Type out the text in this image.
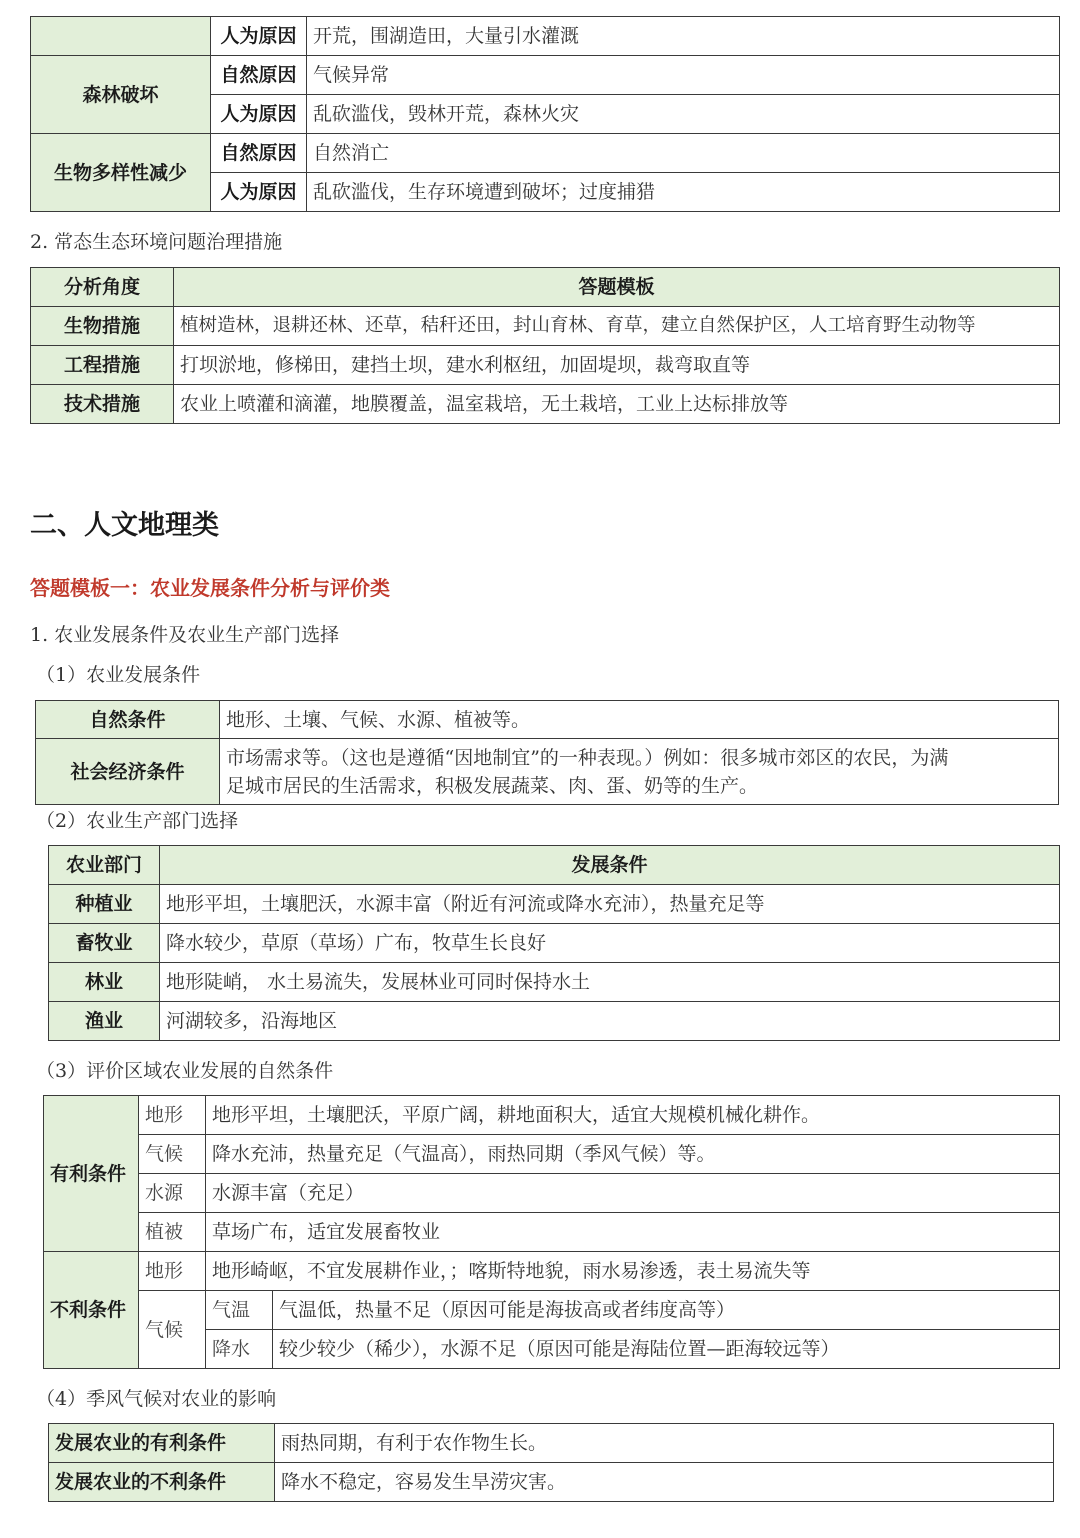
	人为原因	开荒，围湖造田，大量引水灌溉
森林破坏	自然原因	气候异常
	人为原因	乱砍滥伐，毁林开荒，森林火灾
生物多样性减少	自然原因	自然消亡
	人为原因	乱砍滥伐，生存环境遭到破坏；过度捕猎
2. 常态生态环境问题治理措施
分析角度	答题模板
生物措施	植树造林，退耕还林、还草，秸秆还田，封山育林、育草，建立自然保护区，人工培育野生动物等
工程措施	打坝淤地，修梯田，建挡土坝，建水利枢纽，加固堤坝，裁弯取直等
技术措施	农业上喷灌和滴灌，地膜覆盖，温室栽培，无土栽培，工业上达标排放等
二、人文地理类
答题模板一：农业发展条件分析与评价类
1. 农业发展条件及农业生产部门选择
（1）农业发展条件
自然条件	地形、土壤、气候、水源、植被等。
社会经济条件	市场需求等。（这也是遵循“因地制宜”的一种表现。）例如：很多城市郊区的农民，为满
足城市居民的生活需求，积极发展蔬菜、肉、蛋、奶等的生产。
（2）农业生产部门选择
农业部门	发展条件
种植业	地形平坦，土壤肥沃，水源丰富（附近有河流或降水充沛），热量充足等
畜牧业	降水较少，草原（草场）广布，牧草生长良好
林业	地形陡峭， 水土易流失，发展林业可同时保持水土
渔业	河湖较多，沿海地区
（3）评价区域农业发展的自然条件
有利条件	地形	地形平坦，土壤肥沃，平原广阔，耕地面积大，适宜大规模机械化耕作。	
	气候	降水充沛，热量充足（气温高），雨热同期（季风气候）等。	
	水源	水源丰富（充足）	
	植被	草场广布，适宜发展畜牧业	
不利条件	地形	地形崎岖，不宜发展耕作业，；喀斯特地貌，雨水易渗透，表土易流失等	
	气候	气温	气温低，热量不足（原因可能是海拔高或者纬度高等）
		降水	较少较少（稀少），水源不足（原因可能是海陆位置—距海较远等）
（4）季风气候对农业的影响
发展农业的有利条件	雨热同期，有利于农作物生长。
发展农业的不利条件	降水不稳定，容易发生旱涝灾害。
